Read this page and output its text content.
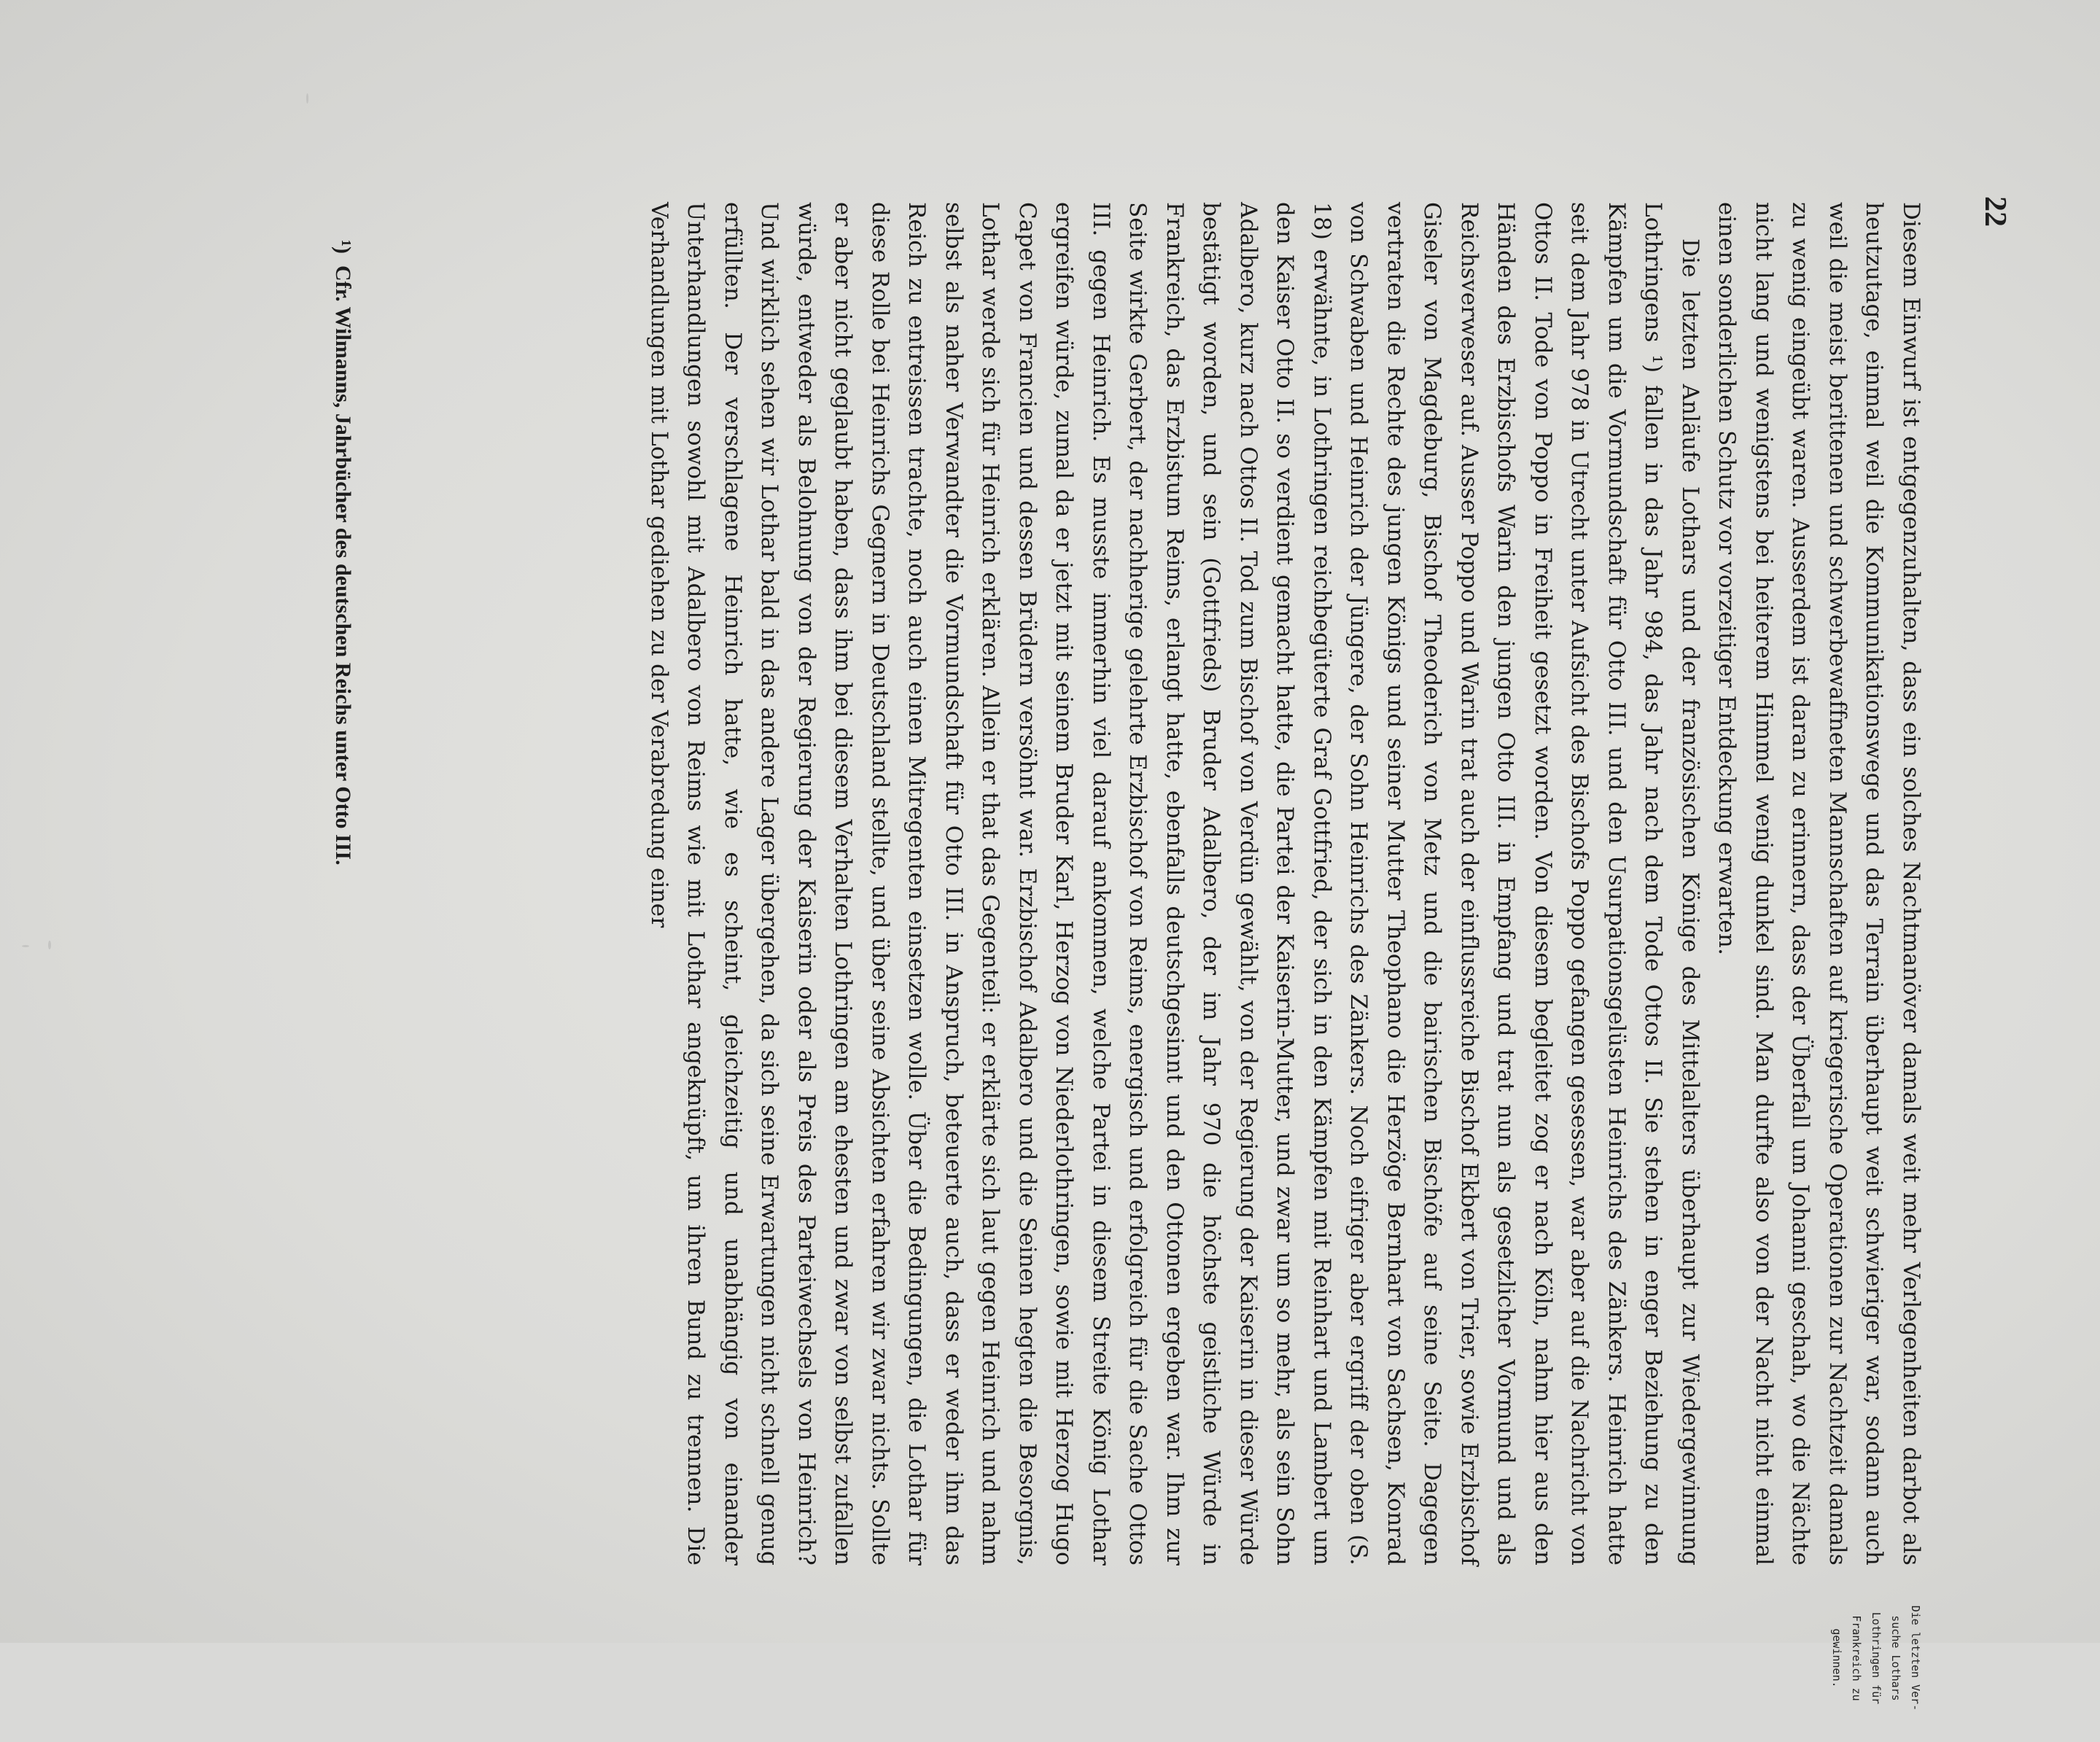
22

Die letzten Ver-
suche Lothars
Lothringen für
Frankreich zu
gewinnen.

Diesem Einwurf ist entgegenzuhalten, dass ein solches Nachtmanöver damals weit mehr Verlegenheiten darbot als heutzutage, einmal weil die Kommunikationswege und das Terrain überhaupt weit schwieriger war, sodann auch weil die meist berittenen und schwerbewaffneten Mannschaften auf kriegerische Operationen zur Nachtzeit damals zu wenig eingeübt waren. Ausserdem ist daran zu erinnern, dass der Überfall um Johanni geschah, wo die Nächte nicht lang und wenigstens bei heiterem Himmel wenig dunkel sind. Man durfte also von der Nacht nicht einmal einen sonderlichen Schutz vor vorzeitiger Entdeckung erwarten.

Die letzten Anläufe Lothars und der französischen Könige des Mittelalters überhaupt zur Wiedergewinnung Lothringens ¹) fallen in das Jahr 984, das Jahr nach dem Tode Ottos II. Sie stehen in enger Beziehung zu den Kämpfen um die Vormundschaft für Otto III. und den Usurpationsgelüsten Heinrichs des Zänkers. Heinrich hatte seit dem Jahr 978 in Utrecht unter Aufsicht des Bischofs Poppo gefangen gesessen, war aber auf die Nachricht von Ottos II. Tode von Poppo in Freiheit gesetzt worden. Von diesem begleitet zog er nach Köln, nahm hier aus den Händen des Erzbischofs Warin den jungen Otto III. in Empfang und trat nun als gesetzlicher Vormund und als Reichsverweser auf. Ausser Poppo und Warin trat auch der einflussreiche Bischof Ekbert von Trier, sowie Erzbischof Giseler von Magdeburg, Bischof Theoderich von Metz und die bairischen Bischöfe auf seine Seite. Dagegen vertraten die Rechte des jungen Königs und seiner Mutter Theophano die Herzöge Bernhart von Sachsen, Konrad von Schwaben und Heinrich der Jüngere, der Sohn Heinrichs des Zänkers. Noch eifriger aber ergriff der oben (S. 18) erwähnte, in Lothringen reichbegüterte Graf Gottfried, der sich in den Kämpfen mit Reinhart und Lambert um den Kaiser Otto II. so verdient gemacht hatte, die Partei der Kaiserin-Mutter, und zwar um so mehr, als sein Sohn Adalbero, kurz nach Ottos II. Tod zum Bischof von Verdün gewählt, von der Regierung der Kaiserin in dieser Würde bestätigt worden, und sein (Gottfrieds) Bruder Adalbero, der im Jahr 970 die höchste geistliche Würde in Frankreich, das Erzbistum Reims, erlangt hatte, ebenfalls deutschgesinnt und den Ottonen ergeben war. Ihm zur Seite wirkte Gerbert, der nachherige gelehrte Erzbischof von Reims, energisch und erfolgreich für die Sache Ottos III. gegen Heinrich. Es musste immerhin viel darauf ankommen, welche Partei in diesem Streite König Lothar ergreifen würde, zumal da er jetzt mit seinem Bruder Karl, Herzog von Niederlothringen, sowie mit Herzog Hugo Capet von Francien und dessen Brüdern versöhnt war. Erzbischof Adalbero und die Seinen hegten die Besorgnis, Lothar werde sich für Heinrich erklären. Allein er that das Gegenteil: er erklärte sich laut gegen Heinrich und nahm selbst als naher Verwandter die Vormundschaft für Otto III. in Anspruch, beteuerte auch, dass er weder ihm das Reich zu entreissen trachte, noch auch einen Mitregenten einsetzen wolle. Über die Bedingungen, die Lothar für diese Rolle bei Heinrichs Gegnern in Deutschland stellte, und über seine Absichten erfahren wir zwar nichts. Sollte er aber nicht geglaubt haben, dass ihm bei diesem Verhalten Lothringen am ehesten und zwar von selbst zufallen würde, entweder als Belohnung von der Regierung der Kaiserin oder als Preis des Parteiwechsels von Heinrich? Und wirklich sehen wir Lothar bald in das andere Lager übergehen, da sich seine Erwartungen nicht schnell genug erfüllten. Der verschlagene Heinrich hatte, wie es scheint, gleichzeitig und unabhängig von einander Unterhandlungen sowohl mit Adalbero von Reims wie mit Lothar angeknüpft, um ihren Bund zu trennen. Die Verhandlungen mit Lothar gediehen zu der Verabredung einer

¹)Cfr. Wilmanns, Jahrbücher des deutschen Reichs unter Otto III.
